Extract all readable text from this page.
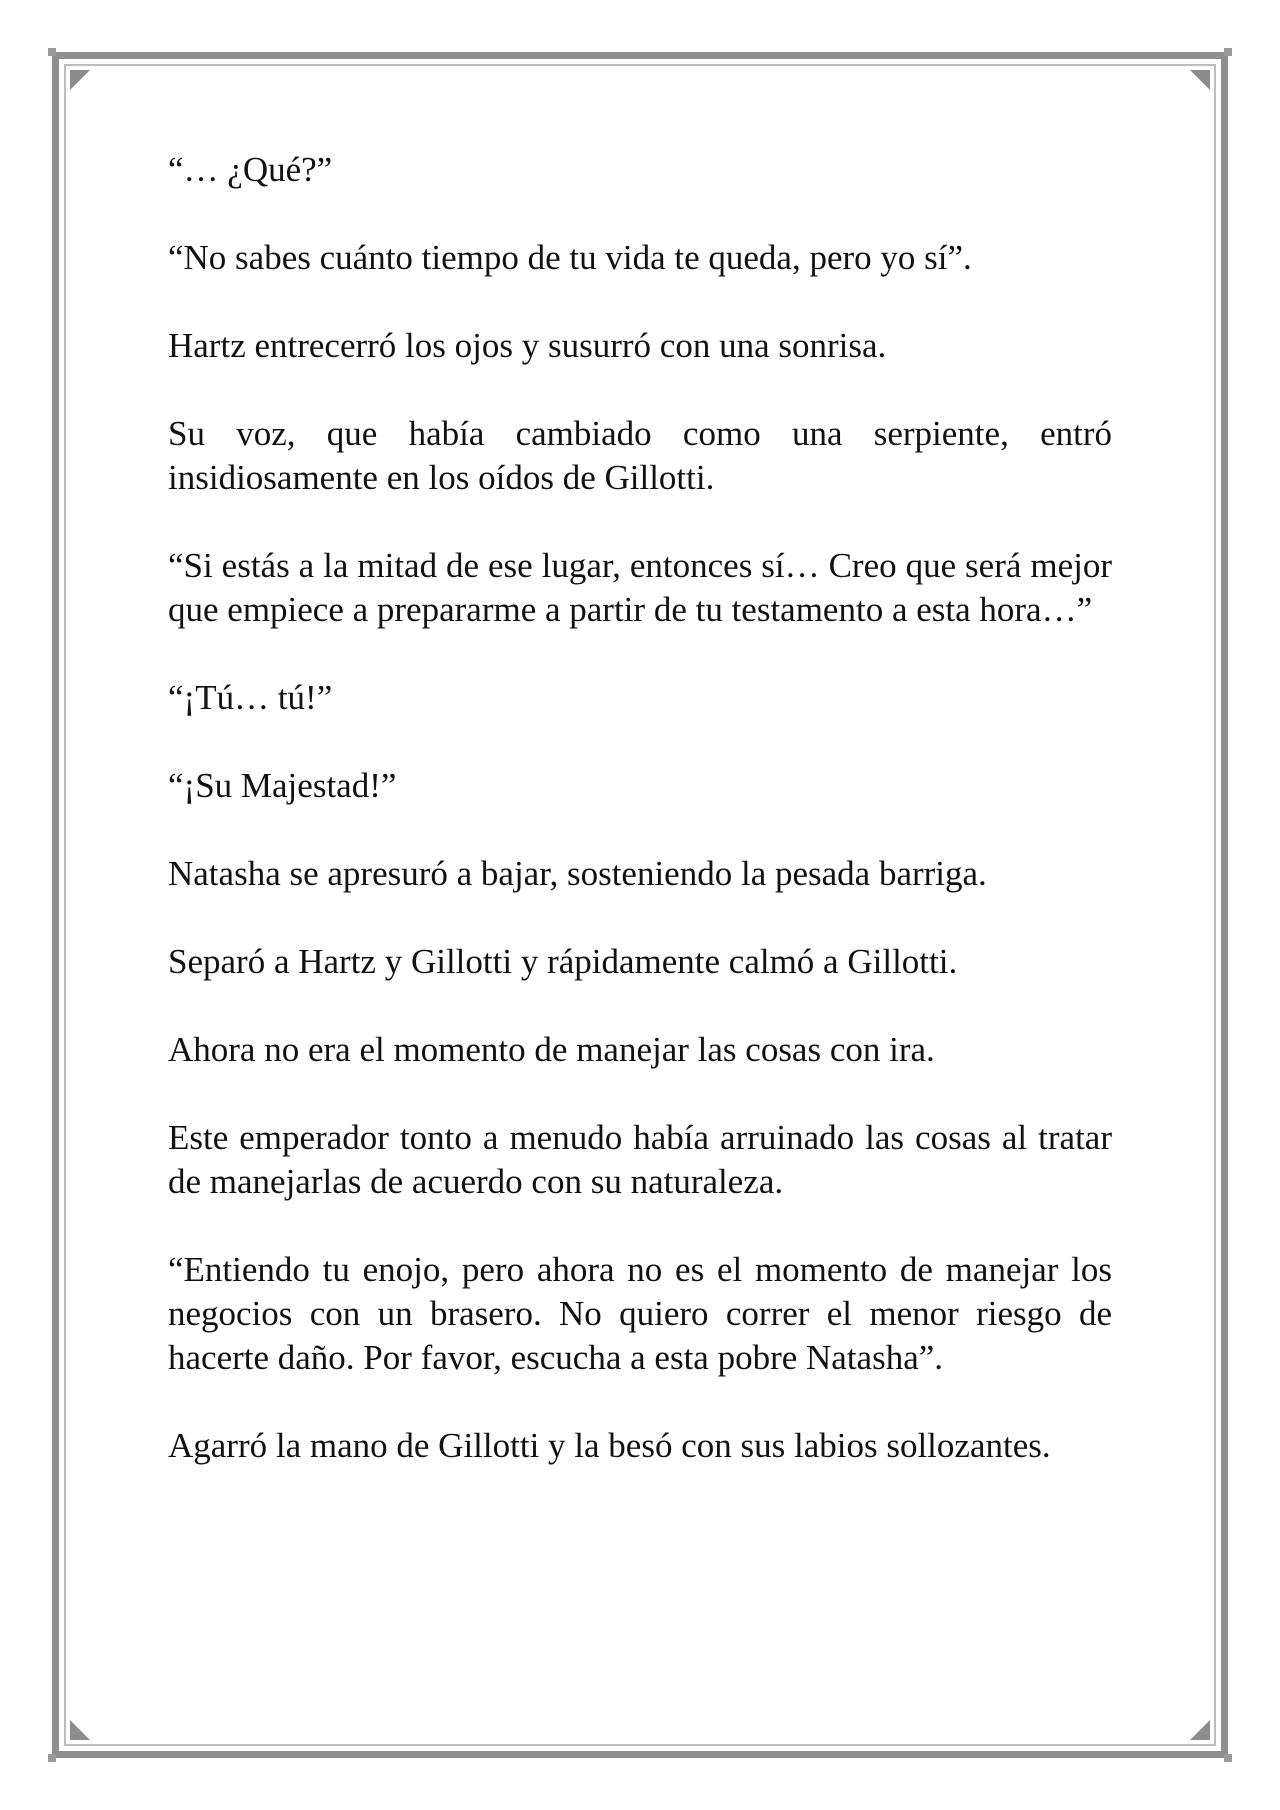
“… ¿Qué?”

“No sabes cuánto tiempo de tu vida te queda, pero yo sí”.

Hartz entrecerró los ojos y susurró con una sonrisa.

Su voz, que había cambiado como una serpiente, entró insidiosamente en los oídos de Gillotti.

“Si estás a la mitad de ese lugar, entonces sí… Creo que será mejor que empiece a prepararme a partir de tu testamento a esta hora…”

“¡Tú… tú!”

“¡Su Majestad!”

Natasha se apresuró a bajar, sosteniendo la pesada barriga.

Separó a Hartz y Gillotti y rápidamente calmó a Gillotti.

Ahora no era el momento de manejar las cosas con ira.

Este emperador tonto a menudo había arruinado las cosas al tratar de manejarlas de acuerdo con su naturaleza.

“Entiendo tu enojo, pero ahora no es el momento de manejar los negocios con un brasero. No quiero correr el menor riesgo de hacerte daño. Por favor, escucha a esta pobre Natasha”.

Agarró la mano de Gillotti y la besó con sus labios sollozantes.
